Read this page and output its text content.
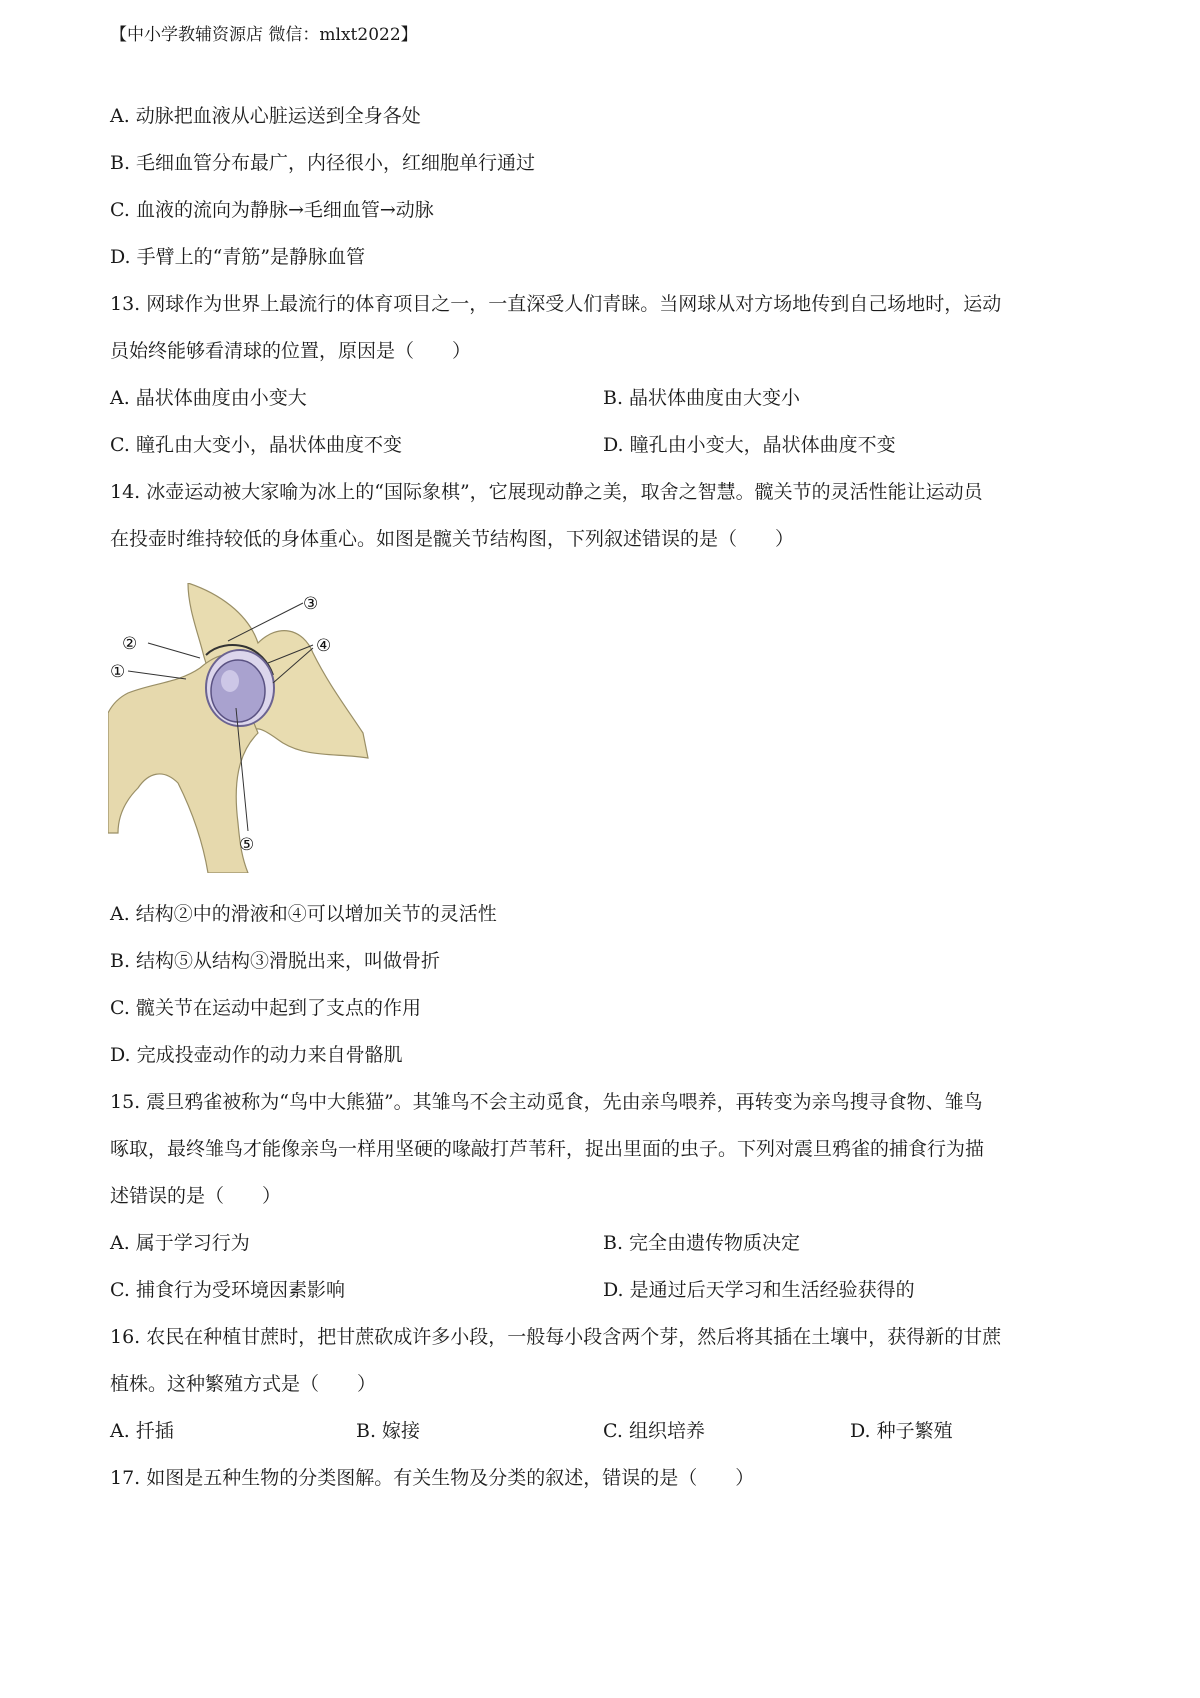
【中小学教辅资源店 微信：mlxt2022】
A. 动脉把血液从心脏运送到全身各处
B. 毛细血管分布最广，内径很小，红细胞单行通过
C. 血液的流向为静脉→毛细血管→动脉
D. 手臂上的“青筋”是静脉血管
13. 网球作为世界上最流行的体育项目之一，一直深受人们青睐。当网球从对方场地传到自己场地时，运动
员始终能够看清球的位置，原因是（　　）
A. 晶状体曲度由小变大	B. 晶状体曲度由大变小
C. 瞳孔由大变小，晶状体曲度不变	D. 瞳孔由小变大，晶状体曲度不变
14. 冰壶运动被大家喻为冰上的“国际象棋”，它展现动静之美，取舍之智慧。髋关节的灵活性能让运动员
在投壶时维持较低的身体重心。如图是髋关节结构图，下列叙述错误的是（　　）
①
②
③
④
⑤
A. 结构②中的滑液和④可以增加关节的灵活性
B. 结构⑤从结构③滑脱出来，叫做骨折
C. 髋关节在运动中起到了支点的作用
D. 完成投壶动作的动力来自骨骼肌
15. 震旦鸦雀被称为“鸟中大熊猫”。其雏鸟不会主动觅食，先由亲鸟喂养，再转变为亲鸟搜寻食物、雏鸟
啄取，最终雏鸟才能像亲鸟一样用坚硬的喙敲打芦苇秆，捉出里面的虫子。下列对震旦鸦雀的捕食行为描
述错误的是（　　）
A. 属于学习行为	B. 完全由遗传物质决定
C. 捕食行为受环境因素影响	D. 是通过后天学习和生活经验获得的
16. 农民在种植甘蔗时，把甘蔗砍成许多小段，一般每小段含两个芽，然后将其插在土壤中，获得新的甘蔗
植株。这种繁殖方式是（　　）
A. 扦插	B. 嫁接	C. 组织培养	D. 种子繁殖
17. 如图是五种生物的分类图解。有关生物及分类的叙述，错误的是（　　）
